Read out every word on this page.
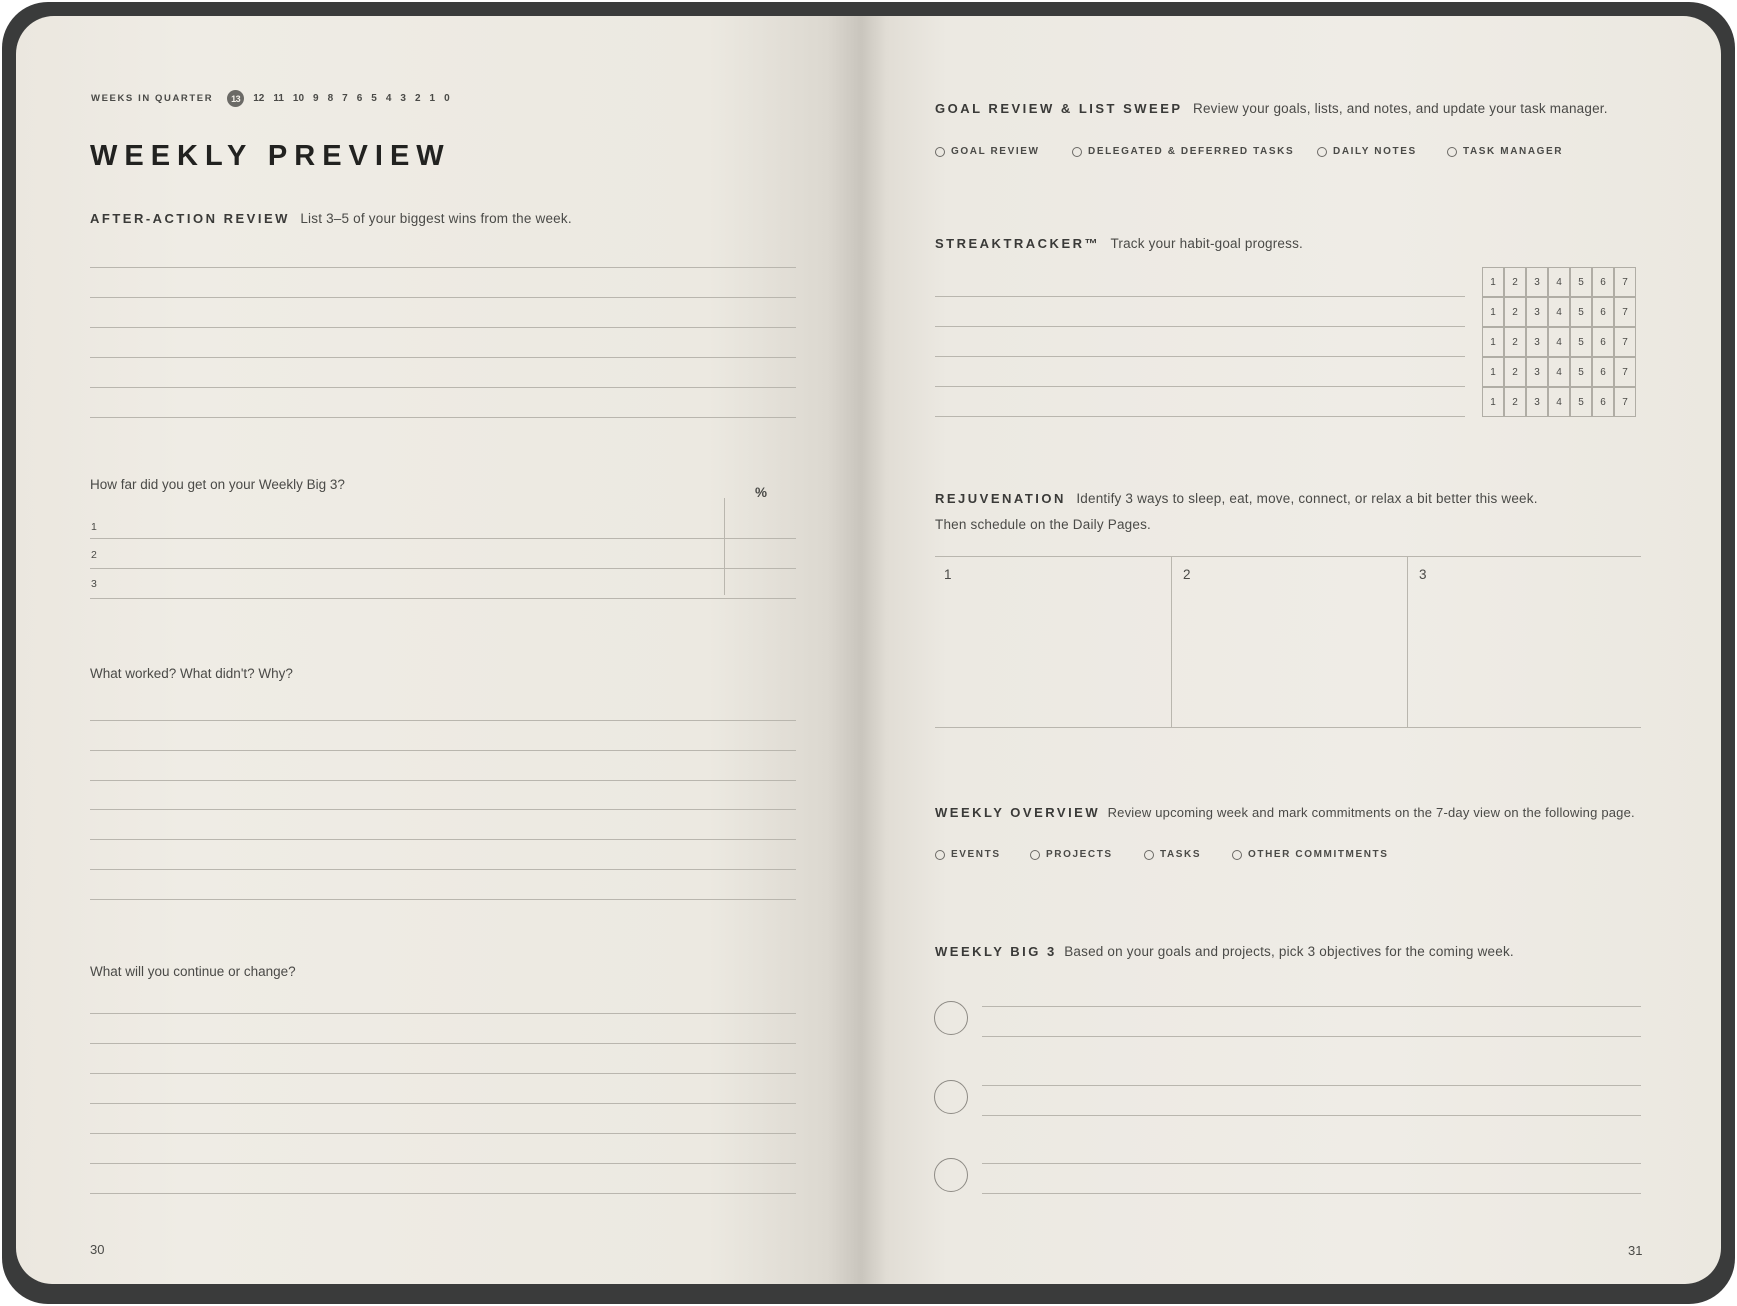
WEEKS IN QUARTER	13	12 11 10 9 8 7 6 5 4 3 2 1 0
WEEKLY PREVIEW
AFTER-ACTION REVIEW List 3–5 of your biggest wins from the week.
How far did you get on your Weekly Big 3?
%
1
2
3
What worked? What didn't? Why?
What will you continue or change?
30
GOAL REVIEW & LIST SWEEP Review your goals, lists, and notes, and update your task manager.
GOAL REVIEW	DELEGATED & DEFERRED TASKS	DAILY NOTES	TASK MANAGER
STREAKTRACKER™ Track your habit-goal progress.
1	2	3	4	5	6	7
1	2	3	4	5	6	7
1	2	3	4	5	6	7
1	2	3	4	5	6	7
1	2	3	4	5	6	7
REJUVENATION Identify 3 ways to sleep, eat, move, connect, or relax a bit better this week.
Then schedule on the Daily Pages.
1	2	3
WEEKLY OVERVIEW Review upcoming week and mark commitments on the 7-day view on the following page.
EVENTS	PROJECTS	TASKS	OTHER COMMITMENTS
WEEKLY BIG 3 Based on your goals and projects, pick 3 objectives for the coming week.
31
